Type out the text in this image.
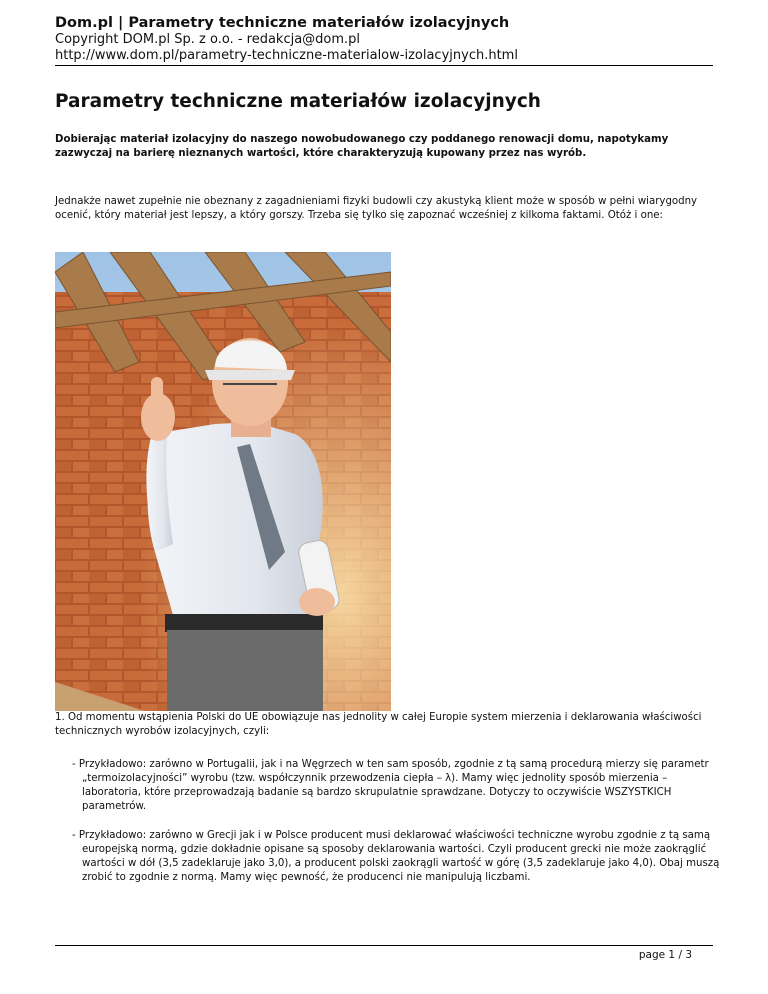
Dom.pl | Parametry techniczne materiałów izolacyjnych
Copyright DOM.pl Sp. z o.o. - redakcja@dom.pl
http://www.dom.pl/parametry-techniczne-materialow-izolacyjnych.html
Parametry techniczne materiałów izolacyjnych
Dobierając materiał izolacyjny do naszego nowobudowanego czy poddanego renowacji domu, napotykamy zazwyczaj na barierę nieznanych wartości, które charakteryzują kupowany przez nas wyrób.
Jednakże nawet zupełnie nie obeznany z zagadnieniami fizyki budowli czy akustyką klient może w sposób w pełni wiarygodny ocenić, który materiał jest lepszy, a który gorszy. Trzeba się tylko się zapoznać wcześniej z kilkoma faktami. Otóż i one:
1. Od momentu wstąpienia Polski do UE obowiązuje nas jednolity w całej Europie system mierzenia i deklarowania właściwości technicznych wyrobów izolacyjnych, czyli:
- Przykładowo: zarówno w Portugalii, jak i na Węgrzech w ten sam sposób, zgodnie z tą samą procedurą mierzy się parametr „termoizolacyjności” wyrobu (tzw. współczynnik przewodzenia ciepła – λ). Mamy więc jednolity sposób mierzenia – laboratoria, które przeprowadzają badanie są bardzo skrupulatnie sprawdzane. Dotyczy to oczywiście WSZYSTKICH parametrów.
- Przykładowo: zarówno w Grecji jak i w Polsce producent musi deklarować właściwości techniczne wyrobu zgodnie z tą samą europejską normą, gdzie dokładnie opisane są sposoby deklarowania wartości. Czyli producent grecki nie może zaokrąglić wartości w dół (3,5 zadeklaruje jako 3,0), a producent polski zaokrągli wartość w górę (3,5 zadeklaruje jako 4,0). Obaj muszą zrobić to zgodnie z normą. Mamy więc pewność, że producenci nie manipulują liczbami.
page 1 / 3
